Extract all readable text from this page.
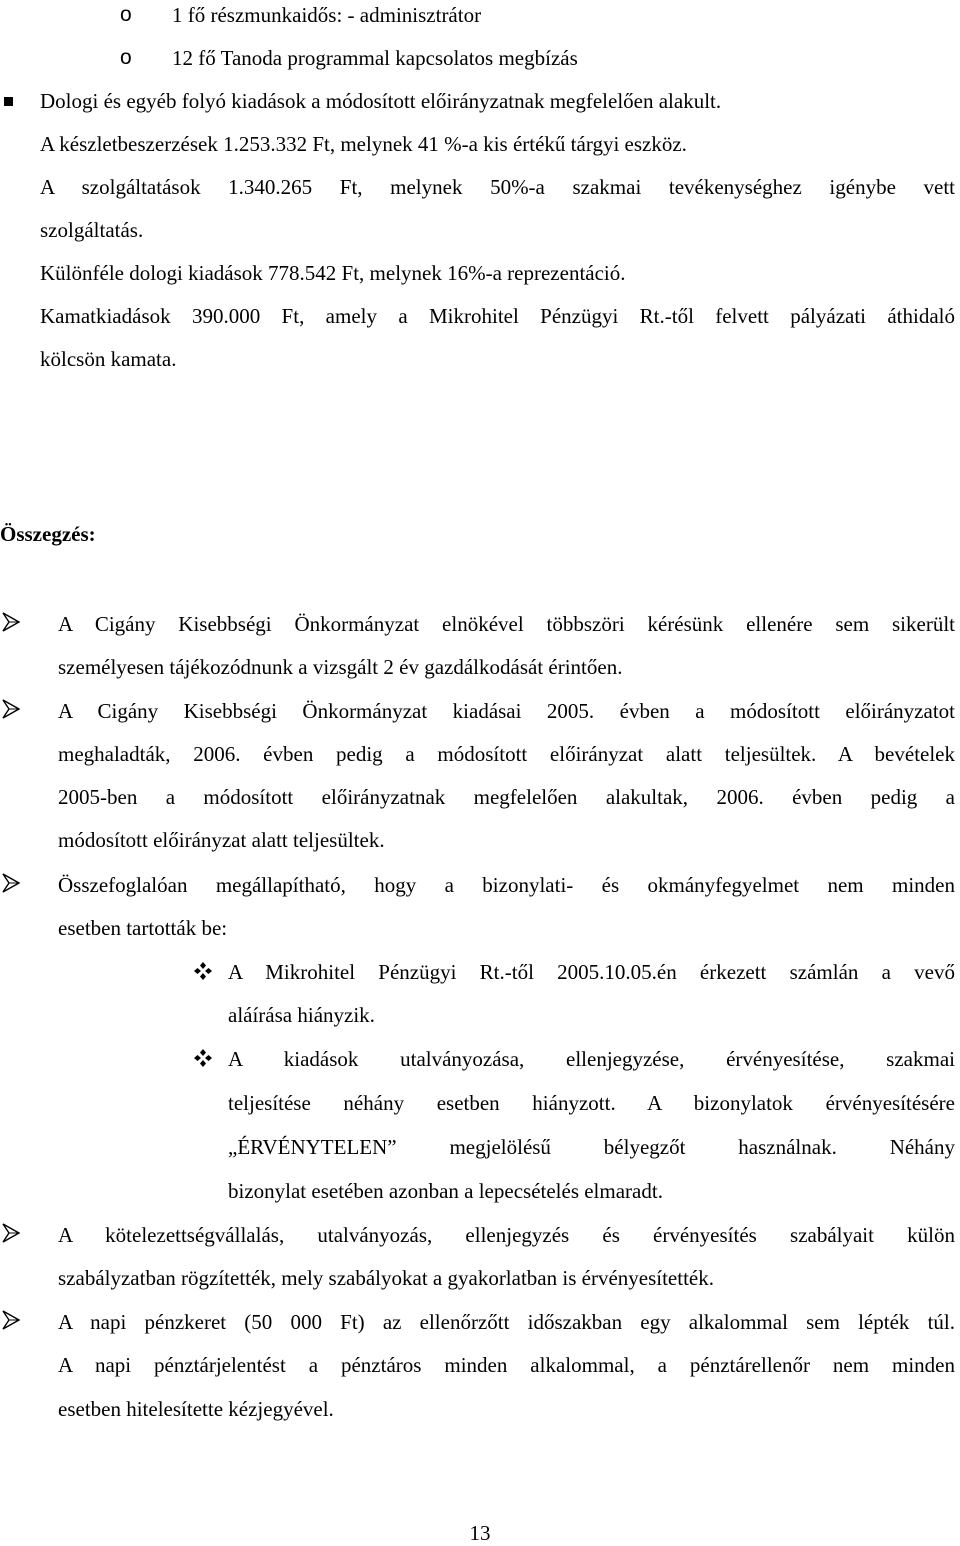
o 1 fő részmunkaidős: - adminisztrátor
o 12 fő Tanoda programmal kapcsolatos megbízás
Dologi és egyéb folyó kiadások a módosított előirányzatnak megfelelően alakult.
A készletbeszerzések 1.253.332 Ft, melynek 41 %-a kis értékű tárgyi eszköz.
A szolgáltatások 1.340.265 Ft, melynek 50%-a szakmai tevékenységhez igénybe vett
szolgáltatás.
Különféle dologi kiadások 778.542 Ft, melynek 16%-a reprezentáció.
Kamatkiadások 390.000 Ft, amely a Mikrohitel Pénzügyi Rt.-től felvett pályázati áthidaló
kölcsön kamata.
Összegzés:
A Cigány Kisebbségi Önkormányzat elnökével többszöri kérésünk ellenére sem sikerült
személyesen tájékozódnunk a vizsgált 2 év gazdálkodását érintően.
A Cigány Kisebbségi Önkormányzat kiadásai 2005. évben a módosított előirányzatot
meghaladták, 2006. évben pedig a módosított előirányzat alatt teljesültek. A bevételek
2005-ben a módosított előirányzatnak megfelelően alakultak, 2006. évben pedig a
módosított előirányzat alatt teljesültek.
Összefoglalóan megállapítható, hogy a bizonylati- és okmányfegyelmet nem minden
esetben tartották be:
A Mikrohitel Pénzügyi Rt.-től 2005.10.05.én érkezett számlán a vevő
aláírása hiányzik.
A kiadások utalványozása, ellenjegyzése, érvényesítése, szakmai
teljesítése néhány esetben hiányzott. A bizonylatok érvényesítésére
„ÉRVÉNYTELEN” megjelölésű bélyegzőt használnak. Néhány
bizonylat esetében azonban a lepecsételés elmaradt.
A kötelezettségvállalás, utalványozás, ellenjegyzés és érvényesítés szabályait külön
szabályzatban rögzítették, mely szabályokat a gyakorlatban is érvényesítették.
A napi pénzkeret (50 000 Ft) az ellenőrzőtt időszakban egy alkalommal sem lépték túl.
A napi pénztárjelentést a pénztáros minden alkalommal, a pénztárellenőr nem minden
esetben hitelesítette kézjegyével.
13
